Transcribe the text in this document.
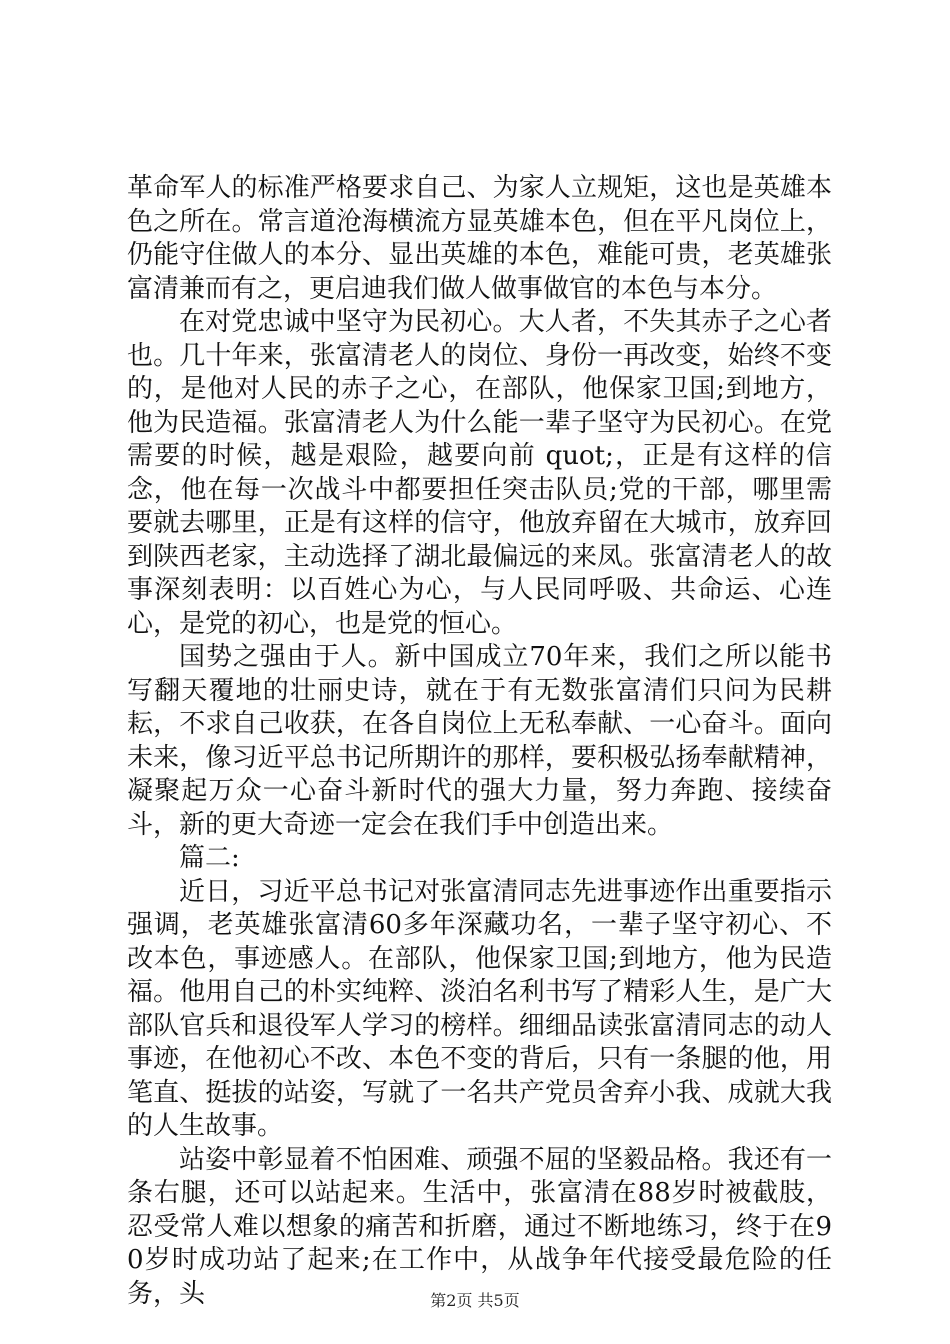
革命军人的标准严格要求自己、为家人立规矩，这也是英雄本色之所在。常言道沧海横流方显英雄本色，但在平凡岗位上，仍能守住做人的本分、显出英雄的本色，难能可贵，老英雄张富清兼而有之，更启迪我们做人做事做官的本色与本分。

在对党忠诚中坚守为民初心。大人者，不失其赤子之心者也。几十年来，张富清老人的岗位、身份一再改变，始终不变的，是他对人民的赤子之心，在部队，他保家卫国;到地方，他为民造福。张富清老人为什么能一辈子坚守为民初心。在党需要的时候，越是艰险，越要向前 quot;，正是有这样的信念，他在每一次战斗中都要担任突击队员;党的干部，哪里需要就去哪里，正是有这样的信守，他放弃留在大城市，放弃回到陕西老家，主动选择了湖北最偏远的来凤。张富清老人的故事深刻表明：以百姓心为心，与人民同呼吸、共命运、心连心，是党的初心，也是党的恒心。

国势之强由于人。新中国成立70年来，我们之所以能书写翻天覆地的壮丽史诗，就在于有无数张富清们只问为民耕耘，不求自己收获，在各自岗位上无私奉献、一心奋斗。面向未来，像习近平总书记所期许的那样，要积极弘扬奉献精神，凝聚起万众一心奋斗新时代的强大力量，努力奔跑、接续奋斗，新的更大奇迹一定会在我们手中创造出来。

篇二:

近日，习近平总书记对张富清同志先进事迹作出重要指示强调，老英雄张富清60多年深藏功名，一辈子坚守初心、不改本色，事迹感人。在部队，他保家卫国;到地方，他为民造福。他用自己的朴实纯粹、淡泊名利书写了精彩人生，是广大部队官兵和退役军人学习的榜样。细细品读张富清同志的动人事迹，在他初心不改、本色不变的背后，只有一条腿的他，用笔直、挺拔的站姿，写就了一名共产党员舍弃小我、成就大我的人生故事。

站姿中彰显着不怕困难、顽强不屈的坚毅品格。我还有一条右腿，还可以站起来。生活中，张富清在88岁时被截肢，忍受常人难以想象的痛苦和折磨，通过不断地练习，终于在90岁时成功站了起来;在工作中，从战争年代接受最危险的任务，头	第2页 共5页
